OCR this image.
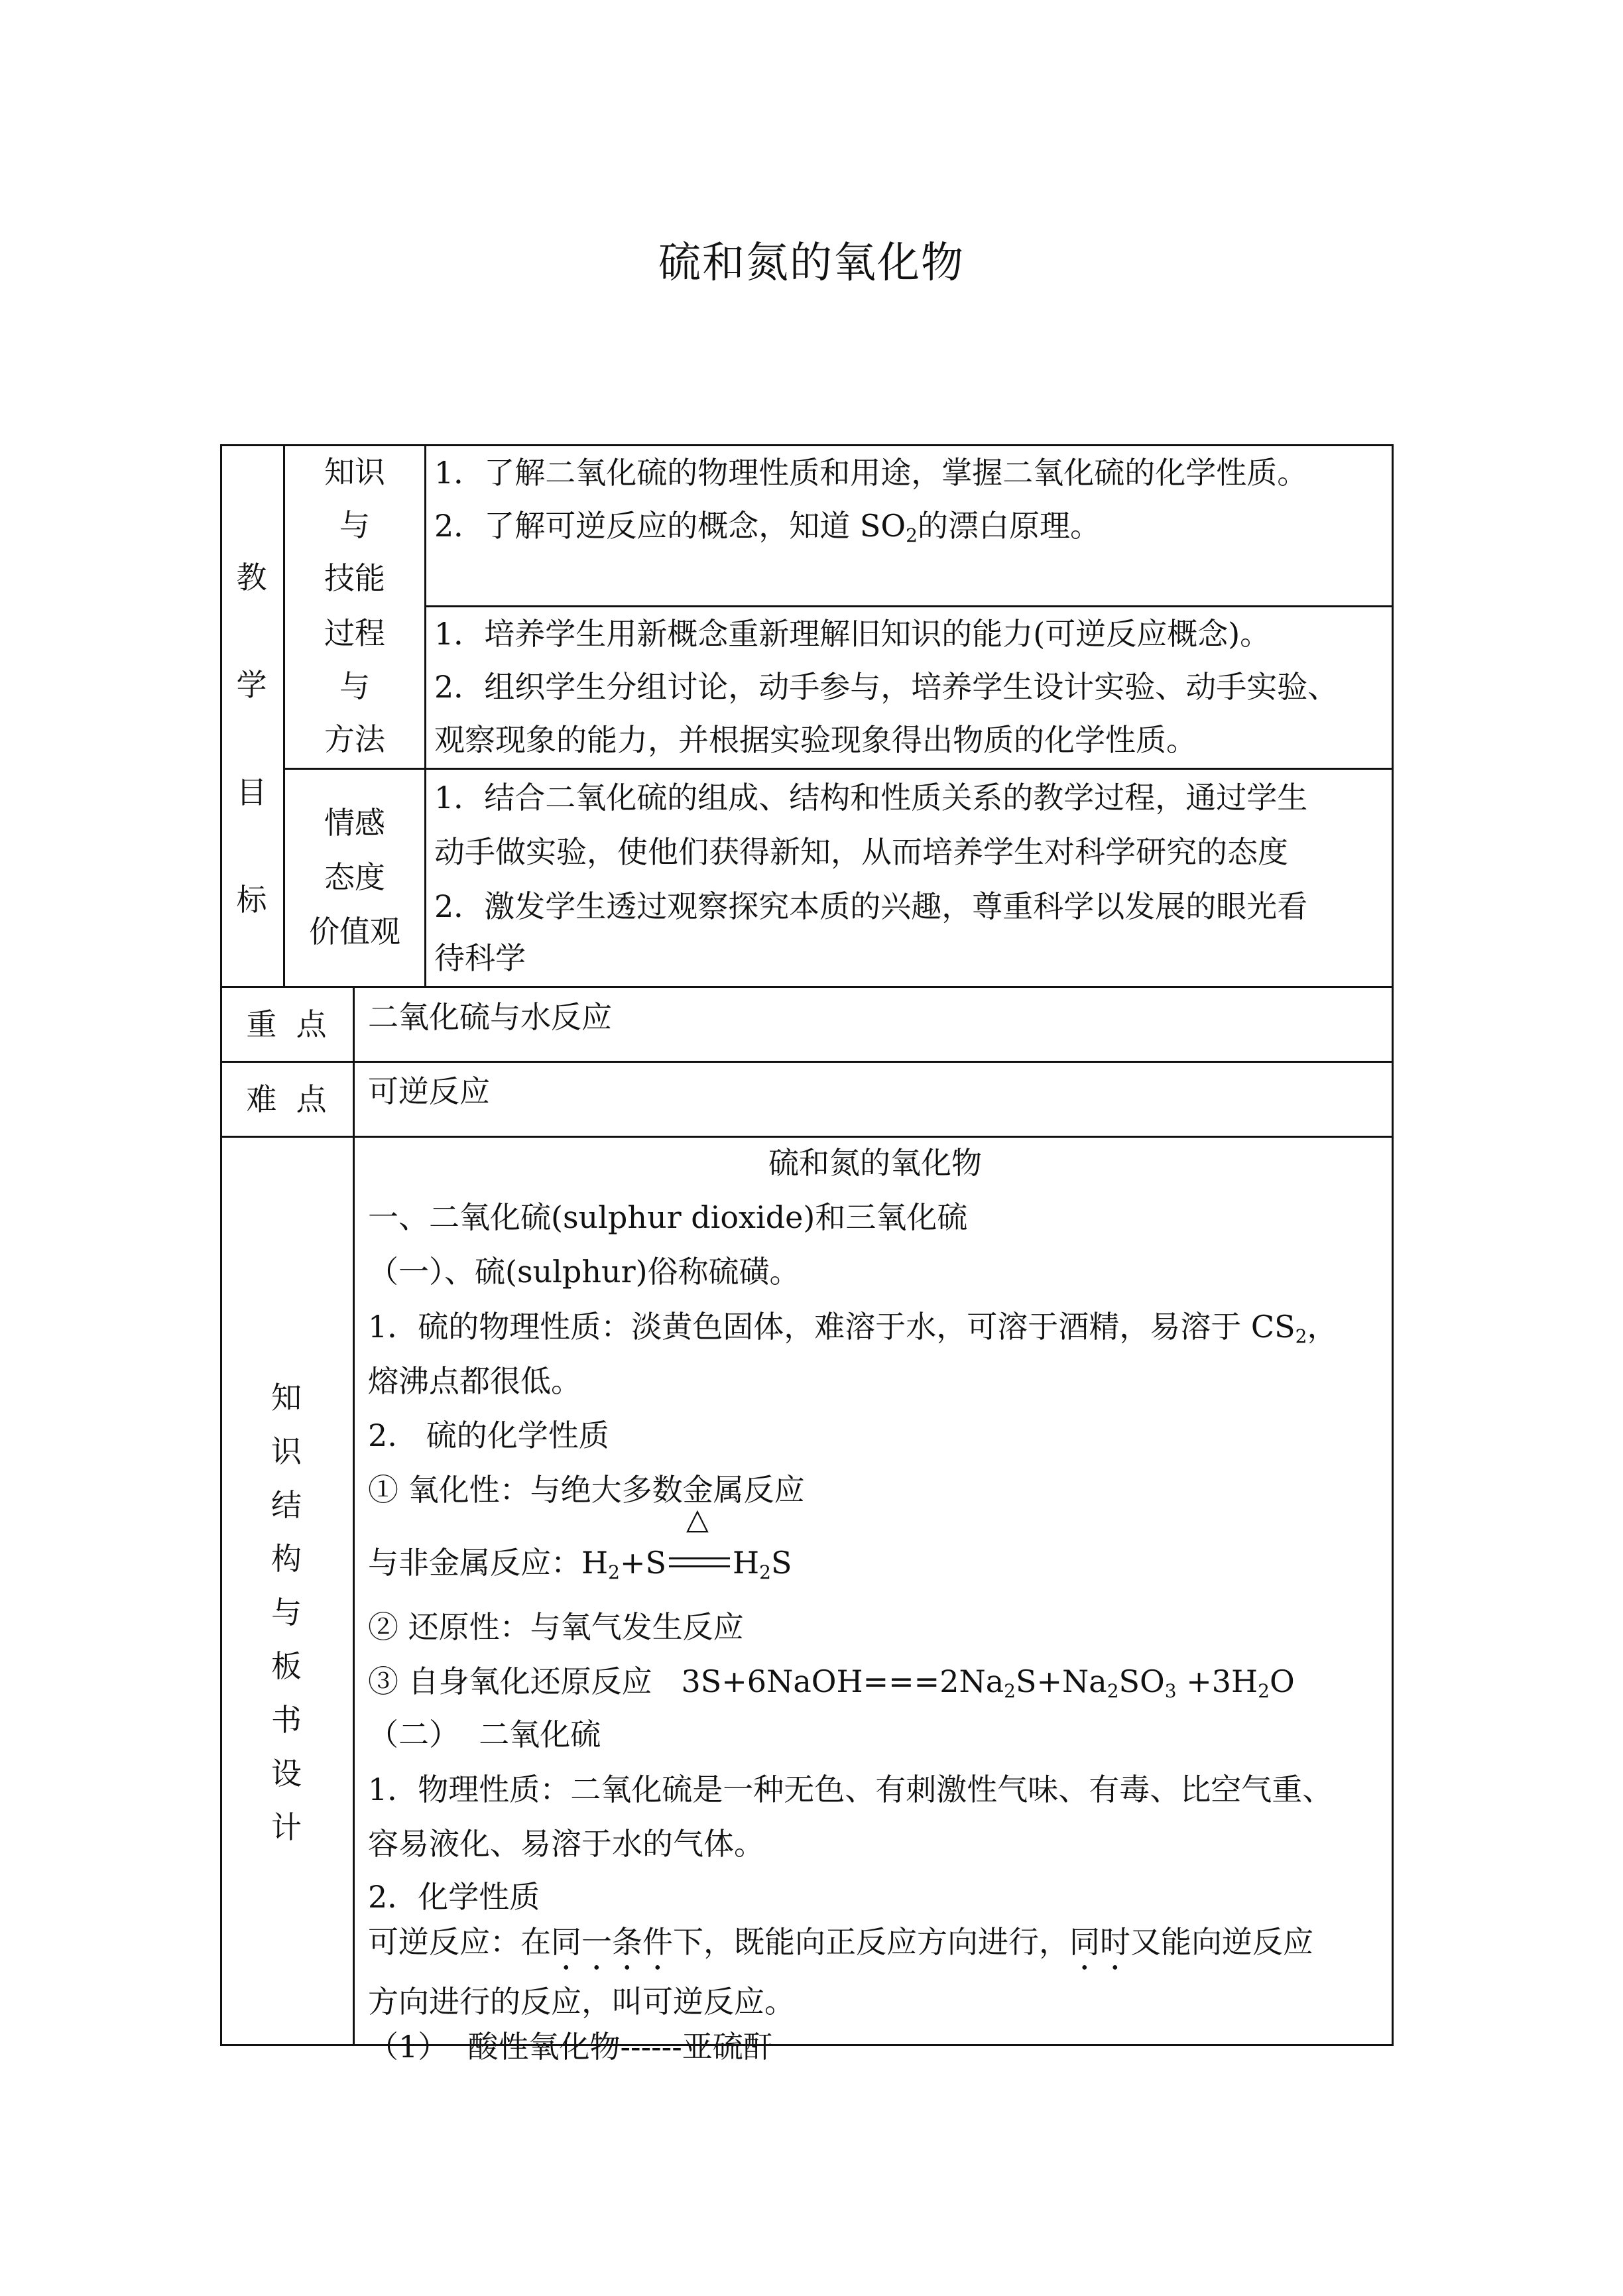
硫和氮的氧化物
教
学
目
标
知识
与
技能
1．了解二氧化硫的物理性质和用途，掌握二氧化硫的化学性质。
2．了解可逆反应的概念，知道 $SO_2$的漂白原理。
过程
与
方法
1．培养学生用新概念重新理解旧知识的能力(可逆反应概念)。
2．组织学生分组讨论，动手参与，培养学生设计实验、动手实验、
观察现象的能力，并根据实验现象得出物质的化学性质。
情感
态度
价值观
1．结合二氧化硫的组成、结构和性质关系的教学过程，通过学生
动手做实验，使他们获得新知，从而培养学生对科学研究的态度
2．激发学生透过观察探究本质的兴趣，尊重科学以发展的眼光看
待科学
重  点	二氧化硫与水反应
难  点	可逆反应
知
识
结
构
与
板
书
设
计
硫和氮的氧化物
一、二氧化硫(sulphur dioxide)和三氧化硫
（一）、硫(sulphur)俗称硫磺。
1．硫的物理性质：淡黄色固体，难溶于水，可溶于酒精，易溶于 $CS_2$，
熔沸点都很低。
2.   硫的化学性质
① 氧化性：与绝大多数金属反应
与非金属反应：$H_2+S$
△
$H_2S$
② 还原性：与氧气发生反应
③ 自身氧化还原反应   $3S+6NaOH===2Na_2S+Na_2SO_3 +3H_2O$
（二）  二氧化硫
1．物理性质：二氧化硫是一种无色、有刺激性气味、有毒、比空气重、
容易液化、易溶于水的气体。
2．化学性质
可逆反应：在同一条件下，既能向正反应方向进行，同时又能向逆反应
方向进行的反应，叫可逆反应。
（1）  酸性氧化物------亚硫酐
